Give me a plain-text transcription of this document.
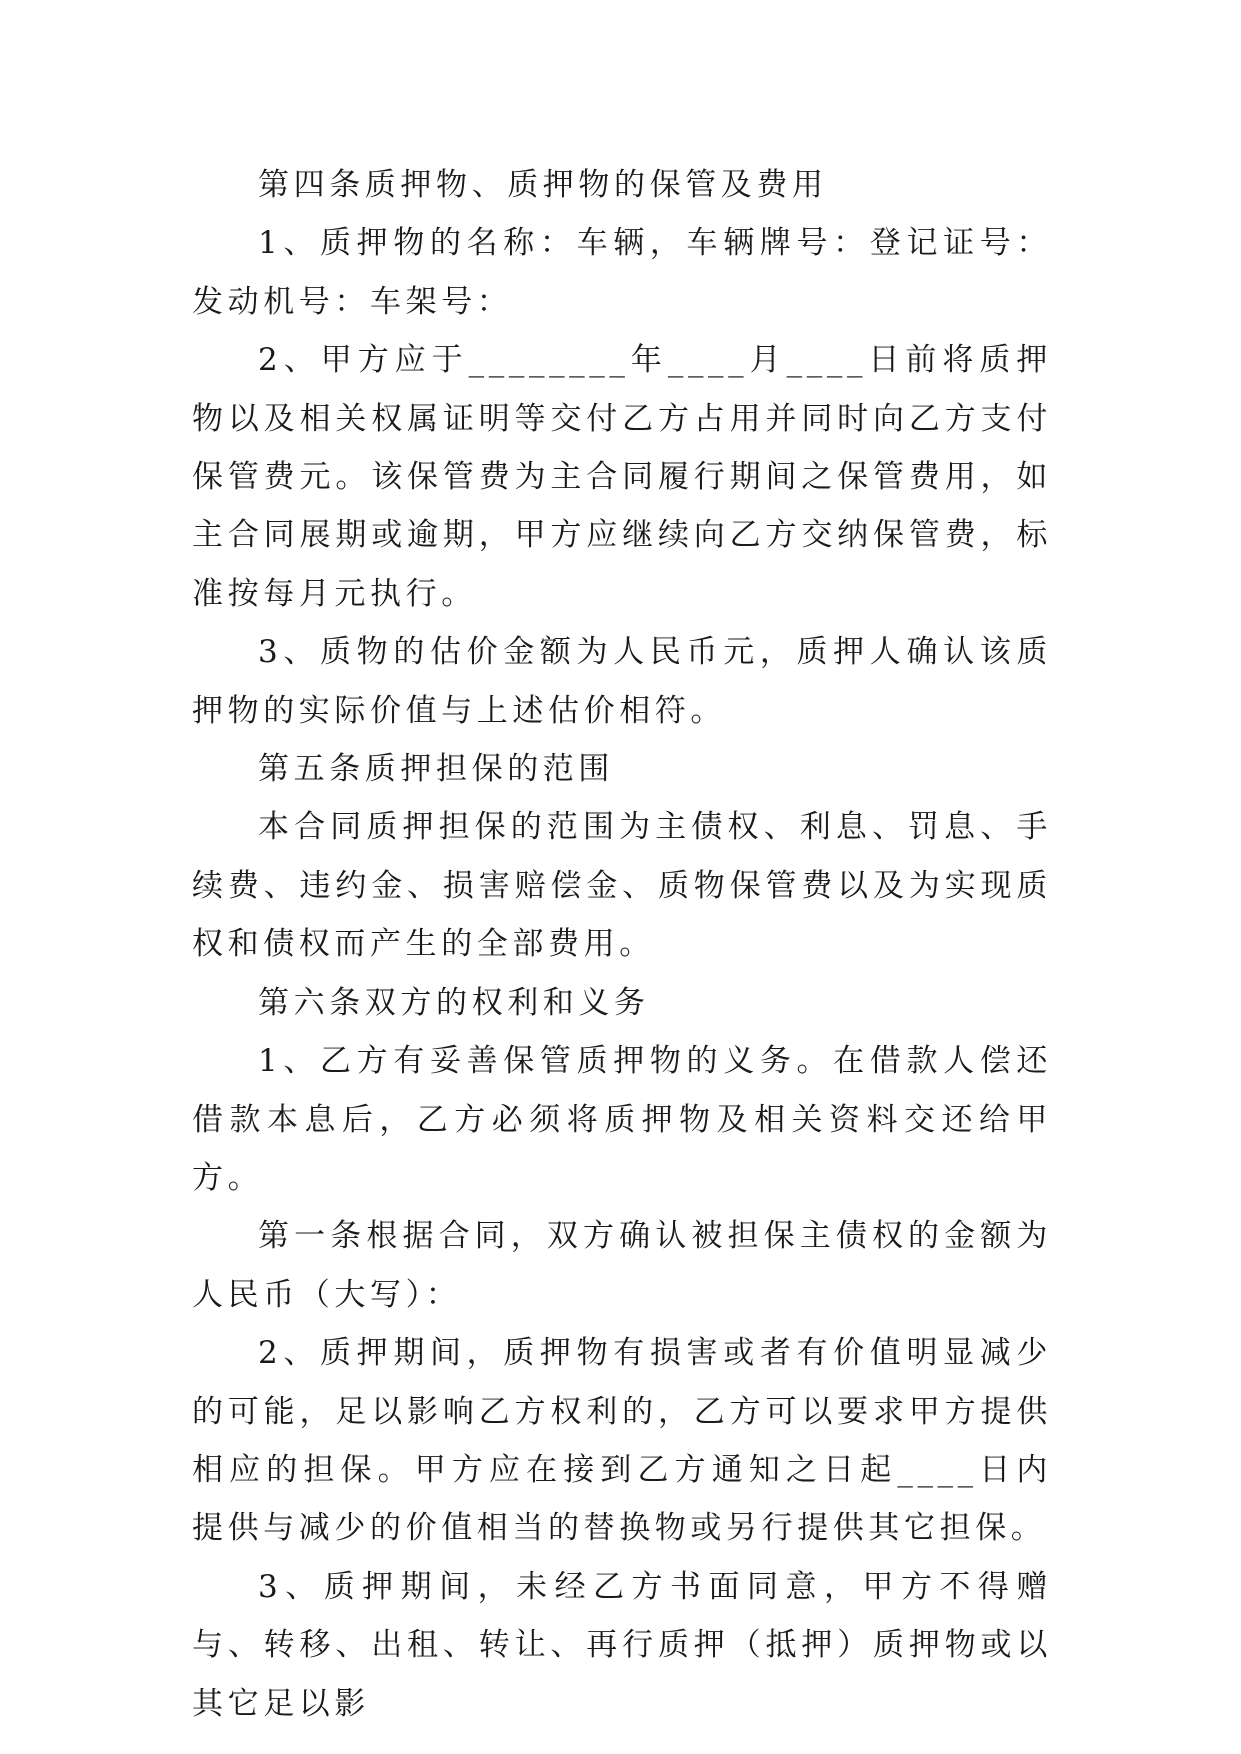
第四条质押物、质押物的保管及费用

1、质押物的名称：车辆，车辆牌号：登记证号：发动机号：车架号：

2、甲方应于________年____月____日前将质押物以及相关权属证明等交付乙方占用并同时向乙方支付保管费元。该保管费为主合同履行期间之保管费用，如主合同展期或逾期，甲方应继续向乙方交纳保管费，标准按每月元执行。

3、质物的估价金额为人民币元，质押人确认该质押物的实际价值与上述估价相符。

第五条质押担保的范围

本合同质押担保的范围为主债权、利息、罚息、手续费、违约金、损害赔偿金、质物保管费以及为实现质权和债权而产生的全部费用。

第六条双方的权利和义务

1、乙方有妥善保管质押物的义务。在借款人偿还借款本息后，乙方必须将质押物及相关资料交还给甲方。

第一条根据合同，双方确认被担保主债权的金额为人民币（大写）：

2、质押期间，质押物有损害或者有价值明显减少的可能，足以影响乙方权利的，乙方可以要求甲方提供相应的担保。甲方应在接到乙方通知之日起____日内提供与减少的价值相当的替换物或另行提供其它担保。

3、质押期间，未经乙方书面同意，甲方不得赠与、转移、出租、转让、再行质押（抵押）质押物或以其它足以影
